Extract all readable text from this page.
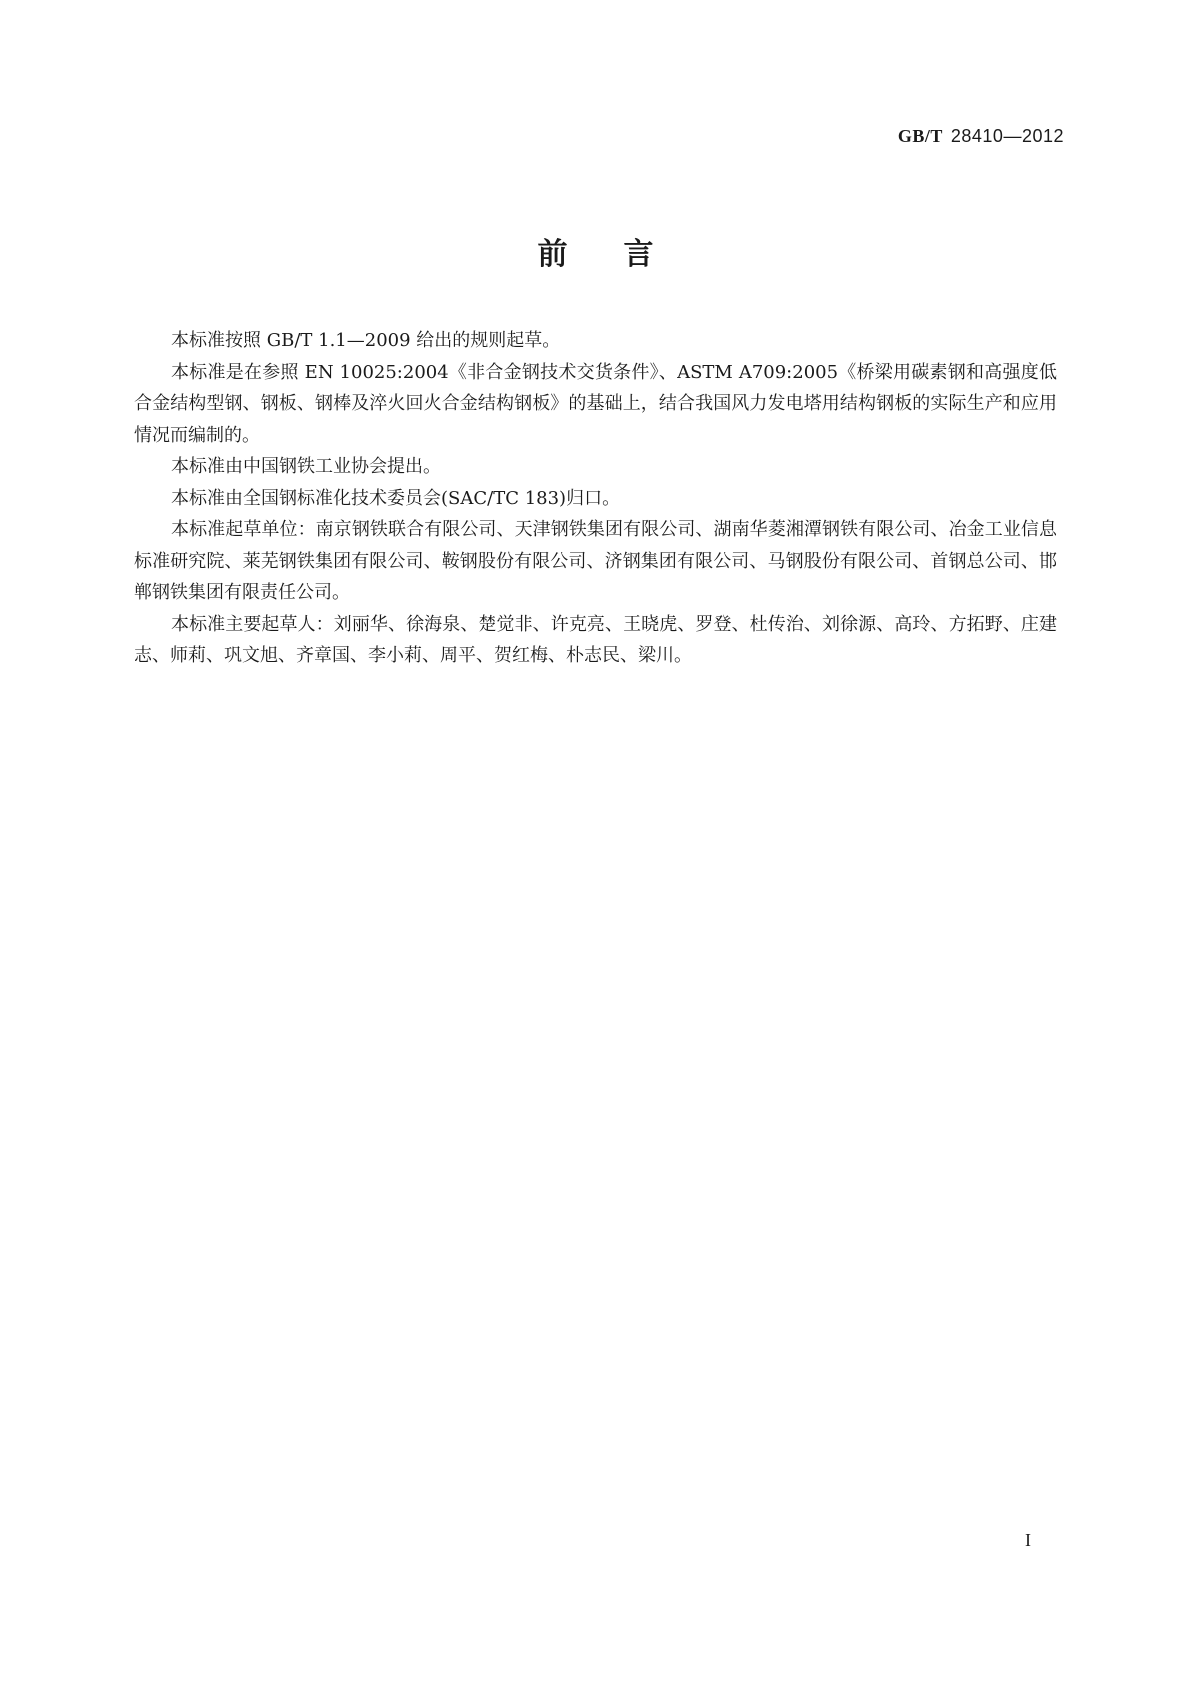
GB/T 28410—2012
前言

本标准按照 GB/T 1.1—2009 给出的规则起草。

本标准是在参照 EN 10025:2004《非合金钢技术交货条件》、ASTM A709:2005《桥梁用碳素钢和高强度低合金结构型钢、钢板、钢棒及淬火回火合金结构钢板》的基础上，结合我国风力发电塔用结构钢板的实际生产和应用情况而编制的。

本标准由中国钢铁工业协会提出。

本标准由全国钢标准化技术委员会(SAC/TC 183)归口。

本标准起草单位：南京钢铁联合有限公司、天津钢铁集团有限公司、湖南华菱湘潭钢铁有限公司、冶金工业信息标准研究院、莱芜钢铁集团有限公司、鞍钢股份有限公司、济钢集团有限公司、马钢股份有限公司、首钢总公司、邯郸钢铁集团有限责任公司。

本标准主要起草人：刘丽华、徐海泉、楚觉非、许克亮、王晓虎、罗登、杜传治、刘徐源、高玲、方拓野、庄建志、师莉、巩文旭、齐章国、李小莉、周平、贺红梅、朴志民、梁川。

I
